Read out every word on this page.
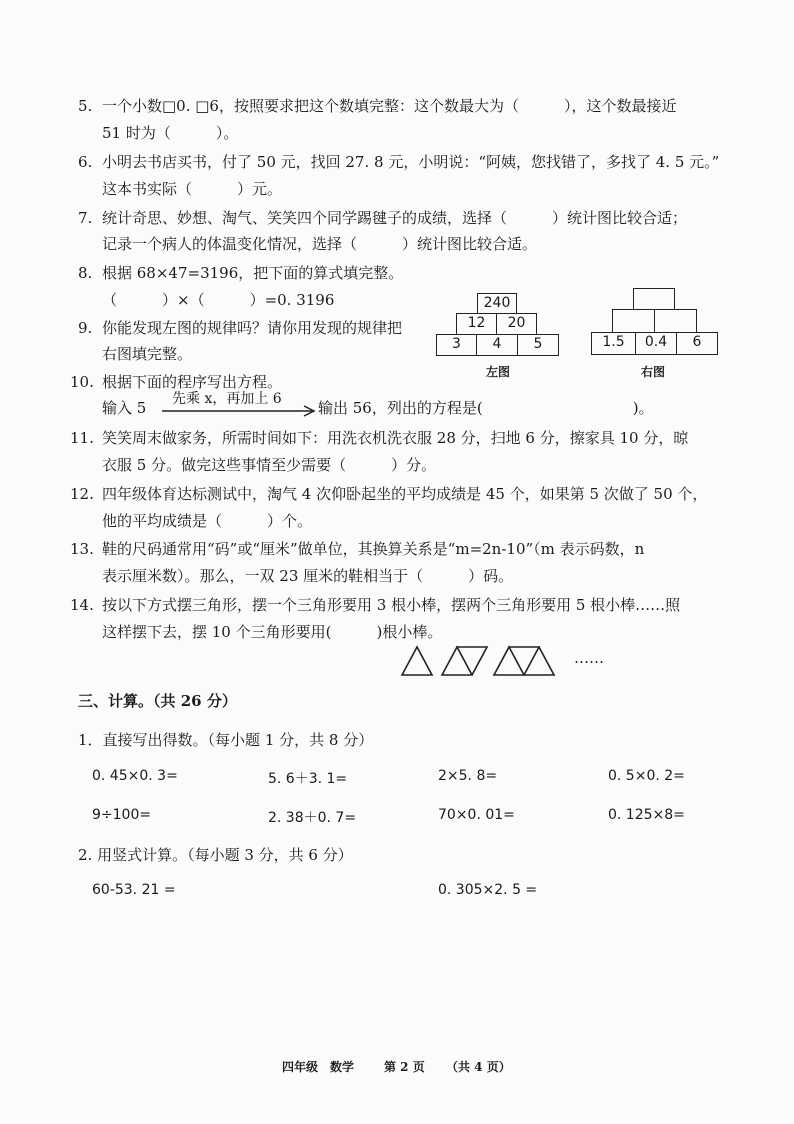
5. 一个小数□0. □6，按照要求把这个数填完整：这个数最大为（　　　），这个数最接近
51 时为（　　　）。
6. 小明去书店买书，付了 50 元，找回 27. 8 元，小明说：“阿姨，您找错了，多找了 4. 5 元。”
这本书实际（　　　）元。
7. 统计奇思、妙想、淘气、笑笑四个同学踢毽子的成绩，选择（　　　）统计图比较合适；
记录一个病人的体温变化情况，选择（　　　）统计图比较合适。
8. 根据 68×47=3196，把下面的算式填完整。
（　　　）×（　　　）=0. 3196
9. 你能发现左图的规律吗？请你用发现的规律把
右图填完整。
240
12	20
3	4	5
左图
1.5	0.4	6
右图
10. 根据下面的程序写出方程。
输入 5 先乘 x，再加上 6 输出 56，列出的方程是(　　　　　　　　　　)。
11. 笑笑周末做家务，所需时间如下：用洗衣机洗衣服 28 分，扫地 6 分，擦家具 10 分，晾
衣服 5 分。做完这些事情至少需要（　　　）分。
12. 四年级体育达标测试中，淘气 4 次仰卧起坐的平均成绩是 45 个，如果第 5 次做了 50 个，
他的平均成绩是（　　　）个。
13. 鞋的尺码通常用“码”或“厘米”做单位，其换算关系是“m=2n-10”（m 表示码数，n
表示厘米数）。那么，一双 23 厘米的鞋相当于（　　　）码。
14. 按以下方式摆三角形，摆一个三角形要用 3 根小棒，摆两个三角形要用 5 根小棒……照
这样摆下去，摆 10 个三角形要用(　　　)根小棒。
……
三、计算。（共 26 分）
1．直接写出得数。（每小题 1 分，共 8 分）
0. 45×0. 3=	5. 6＋3. 1=	2×5. 8=	0. 5×0. 2=
9÷100=	2. 38＋0. 7=	70×0. 01=	0. 125×8=
2. 用竖式计算。（每小题 3 分，共 6 分）
60-53. 21 =	0. 305×2. 5 =
四年级 数学 第 2 页 （共 4 页）
